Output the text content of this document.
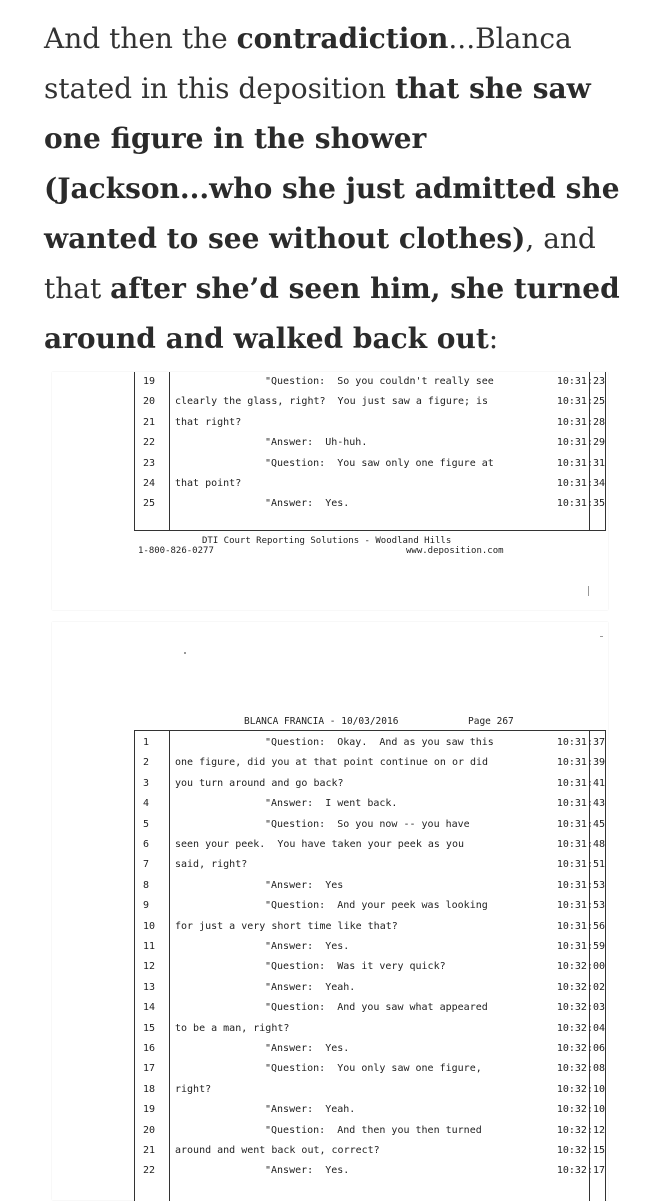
And then the contradiction...Blanca stated in this deposition that she saw one figure in the shower (Jackson...who she just admitted she wanted to see without clothes), and that after she’d seen him, she turned around and walked back out:

19	"Question:  So you couldn't really see	10:31:23
20	clearly the glass, right?  You just saw a figure; is	10:31:25
21	that right?	10:31:28
22	"Answer:  Uh-huh.	10:31:29
23	"Question:  You saw only one figure at	10:31:31
24	that point?	10:31:34
25	"Answer:  Yes.	10:31:35
DTI Court Reporting Solutions - Woodland Hills
1-800-826-0277	www.deposition.com
BLANCA FRANCIA - 10/03/2016	Page 267
1	"Question:  Okay.  And as you saw this	10:31:37
2	one figure, did you at that point continue on or did	10:31:39
3	you turn around and go back?	10:31:41
4	"Answer:  I went back.	10:31:43
5	"Question:  So you now -- you have	10:31:45
6	seen your peek.  You have taken your peek as you	10:31:48
7	said, right?	10:31:51
8	"Answer:  Yes	10:31:53
9	"Question:  And your peek was looking	10:31:53
10	for just a very short time like that?	10:31:56
11	"Answer:  Yes.	10:31:59
12	"Question:  Was it very quick?	10:32:00
13	"Answer:  Yeah.	10:32:02
14	"Question:  And you saw what appeared	10:32:03
15	to be a man, right?	10:32:04
16	"Answer:  Yes.	10:32:06
17	"Question:  You only saw one figure,	10:32:08
18	right?	10:32:10
19	"Answer:  Yeah.	10:32:10
20	"Question:  And then you then turned	10:32:12
21	around and went back out, correct?	10:32:15
22	"Answer:  Yes.	10:32:17
